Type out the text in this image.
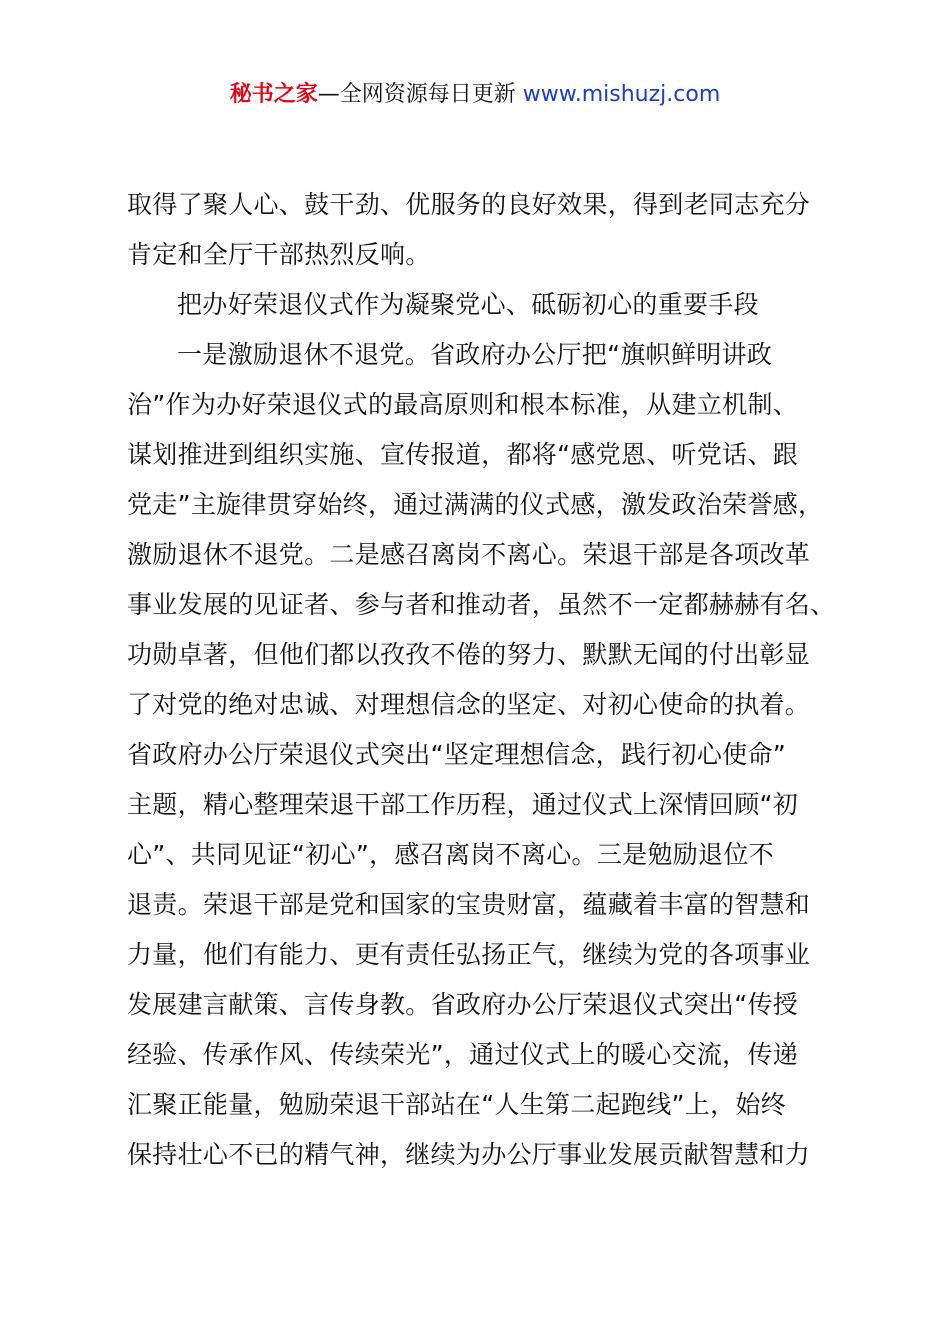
秘书之家—全网资源每日更新 www.mishuzj.com
取得了聚人心、鼓干劲、优服务的良好效果，得到老同志充分
肯定和全厅干部热烈反响。
把办好荣退仪式作为凝聚党心、砥砺初心的重要手段
一是激励退休不退党。省政府办公厅把“旗帜鲜明讲政
治”作为办好荣退仪式的最高原则和根本标准，从建立机制、
谋划推进到组织实施、宣传报道，都将“感党恩、听党话、跟
党走”主旋律贯穿始终，通过满满的仪式感，激发政治荣誉感，
激励退休不退党。二是感召离岗不离心。荣退干部是各项改革
事业发展的见证者、参与者和推动者，虽然不一定都赫赫有名、
功勋卓著，但他们都以孜孜不倦的努力、默默无闻的付出彰显
了对党的绝对忠诚、对理想信念的坚定、对初心使命的执着。
省政府办公厅荣退仪式突出“坚定理想信念，践行初心使命”
主题，精心整理荣退干部工作历程，通过仪式上深情回顾“初
心”、共同见证“初心”，感召离岗不离心。三是勉励退位不
退责。荣退干部是党和国家的宝贵财富，蕴藏着丰富的智慧和
力量，他们有能力、更有责任弘扬正气，继续为党的各项事业
发展建言献策、言传身教。省政府办公厅荣退仪式突出“传授
经验、传承作风、传续荣光”，通过仪式上的暖心交流，传递
汇聚正能量，勉励荣退干部站在“人生第二起跑线”上，始终
保持壮心不已的精气神，继续为办公厅事业发展贡献智慧和力
